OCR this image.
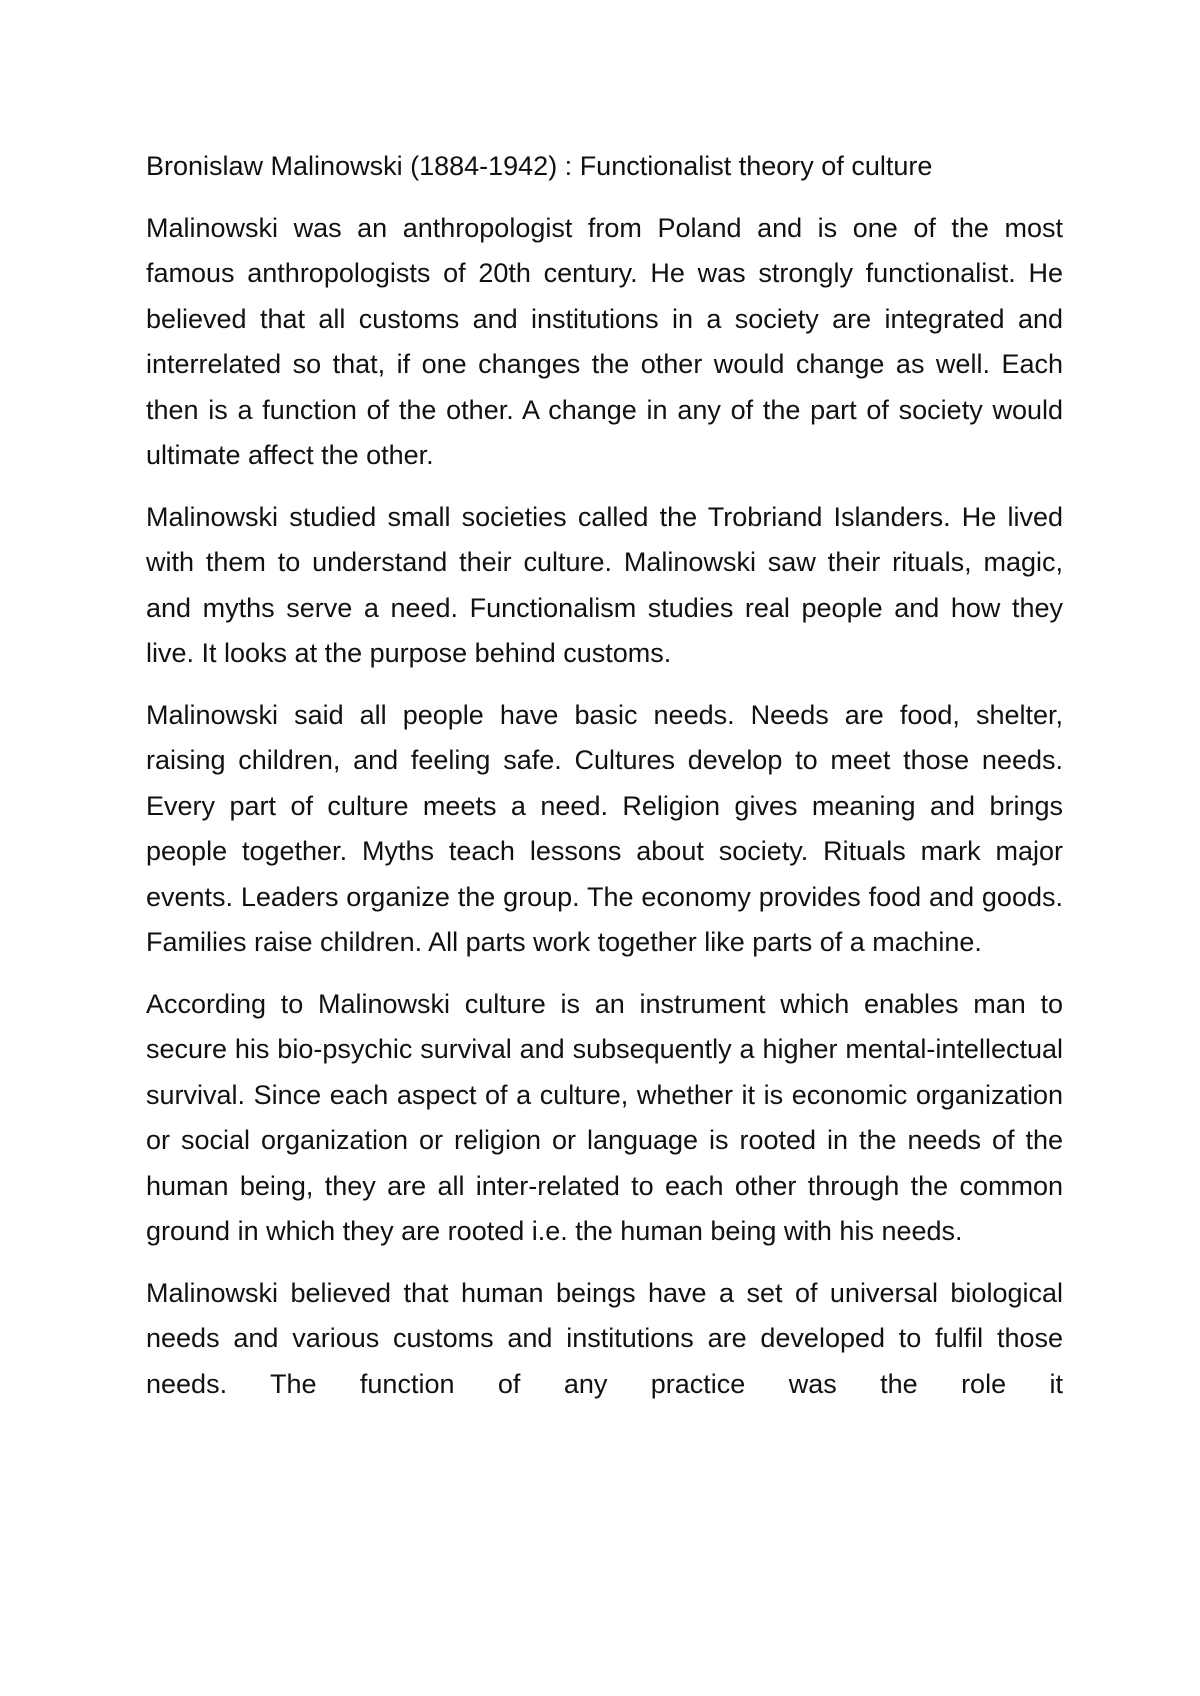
Bronislaw Malinowski (1884-1942) : Functionalist theory of culture

Malinowski was an anthropologist from Poland and is one of the most famous anthropologists of 20th century. He was strongly functionalist. He believed that all customs and institutions in a society are integrated and interrelated so that, if one changes the other would change as well. Each then is a function of the other. A change in any of the part of society would ultimate affect the other.

Malinowski studied small societies called the Trobriand Islanders. He lived with them to understand their culture. Malinowski saw their rituals, magic, and myths serve a need. Functionalism studies real people and how they live. It looks at the purpose behind customs.

Malinowski said all people have basic needs. Needs are food, shelter, raising children, and feeling safe. Cultures develop to meet those needs. Every part of culture meets a need. Religion gives meaning and brings people together. Myths teach lessons about society. Rituals mark major events. Leaders organize the group. The economy provides food and goods. Families raise children. All parts work together like parts of a machine.

According to Malinowski culture is an instrument which enables man to secure his bio-psychic survival and subsequently a higher mental-intellectual survival. Since each aspect of a culture, whether it is economic organization or social organization or religion or language is rooted in the needs of the human being, they are all inter-related to each other through the common ground in which they are rooted i.e. the human being with his needs.

Malinowski believed that human beings have a set of universal biological needs and various customs and institutions are developed to fulfil those needs. The function of any practice was the role it
